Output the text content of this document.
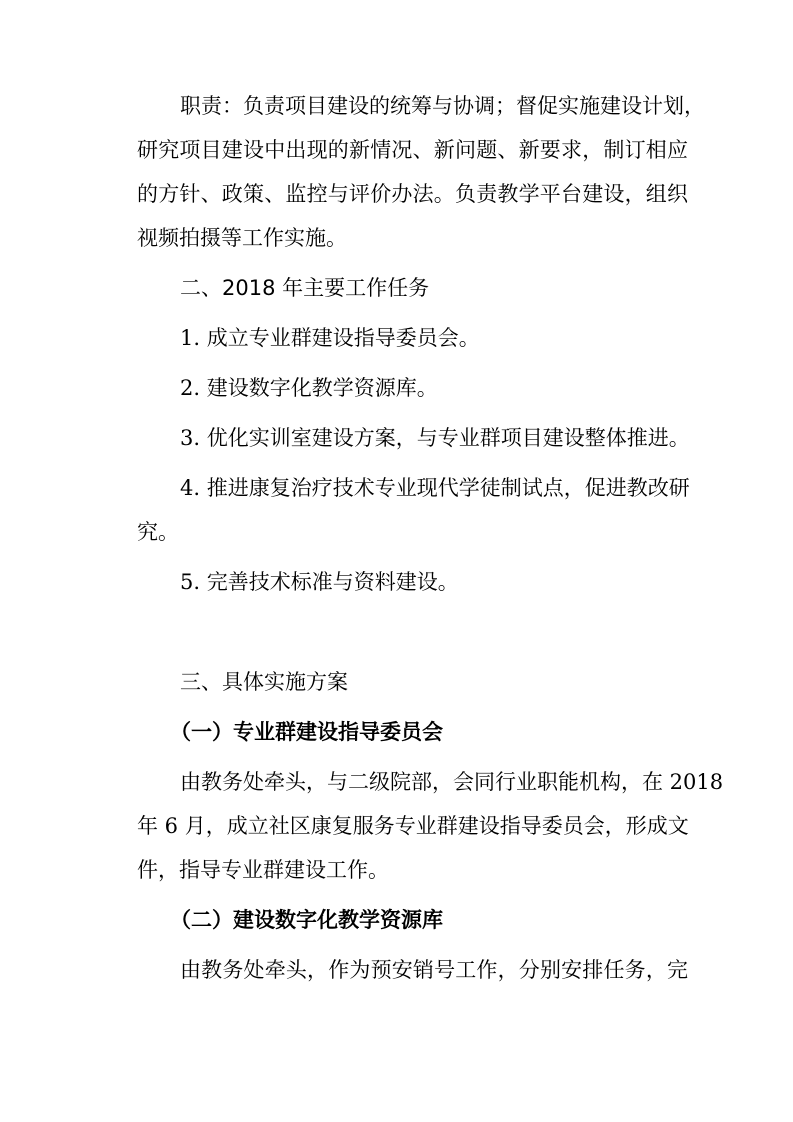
职责：负责项目建设的统筹与协调；督促实施建设计划，

研究项目建设中出现的新情况、新问题、新要求，制订相应

的方针、政策、监控与评价办法。负责教学平台建设，组织

视频拍摄等工作实施。

二、2018 年主要工作任务

1. 成立专业群建设指导委员会。

2. 建设数字化教学资源库。

3. 优化实训室建设方案，与专业群项目建设整体推进。

4. 推进康复治疗技术专业现代学徒制试点，促进教改研

究。

5. 完善技术标准与资料建设。

三、具体实施方案

（一）专业群建设指导委员会

由教务处牵头，与二级院部，会同行业职能机构，在 2018

年 6 月，成立社区康复服务专业群建设指导委员会，形成文

件，指导专业群建设工作。

（二）建设数字化教学资源库

由教务处牵头，作为预安销号工作，分别安排任务，完
